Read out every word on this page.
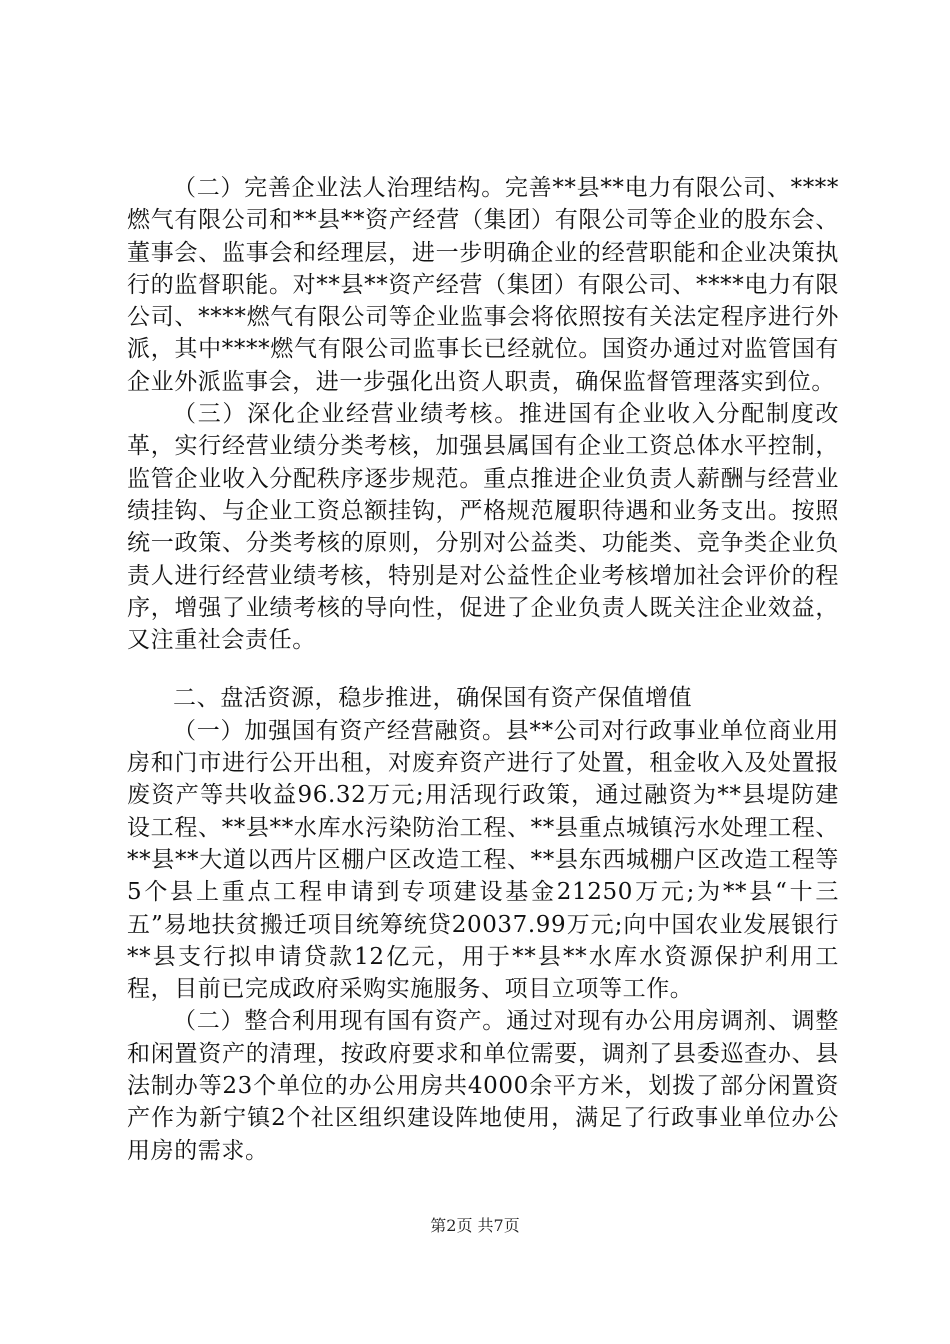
（二）完善企业法人治理结构。完善**县**电力有限公司、****燃气有限公司和**县**资产经营（集团）有限公司等企业的股东会、董事会、监事会和经理层，进一步明确企业的经营职能和企业决策执行的监督职能。对**县**资产经营（集团）有限公司、****电力有限公司、****燃气有限公司等企业监事会将依照按有关法定程序进行外派，其中****燃气有限公司监事长已经就位。国资办通过对监管国有企业外派监事会，进一步强化出资人职责，确保监督管理落实到位。

（三）深化企业经营业绩考核。推进国有企业收入分配制度改革，实行经营业绩分类考核，加强县属国有企业工资总体水平控制，监管企业收入分配秩序逐步规范。重点推进企业负责人薪酬与经营业绩挂钩、与企业工资总额挂钩，严格规范履职待遇和业务支出。按照统一政策、分类考核的原则，分别对公益类、功能类、竞争类企业负责人进行经营业绩考核，特别是对公益性企业考核增加社会评价的程序，增强了业绩考核的导向性，促进了企业负责人既关注企业效益，又注重社会责任。

二、盘活资源，稳步推进，确保国有资产保值增值

（一）加强国有资产经营融资。县**公司对行政事业单位商业用房和门市进行公开出租，对废弃资产进行了处置，租金收入及处置报废资产等共收益96.32万元;用活现行政策，通过融资为**县堤防建设工程、**县**水库水污染防治工程、**县重点城镇污水处理工程、**县**大道以西片区棚户区改造工程、**县东西城棚户区改造工程等5个县上重点工程申请到专项建设基金21250万元;为**县“十三五”易地扶贫搬迁项目统筹统贷20037.99万元;向中国农业发展银行**县支行拟申请贷款12亿元，用于**县**水库水资源保护利用工程，目前已完成政府采购实施服务、项目立项等工作。

（二）整合利用现有国有资产。通过对现有办公用房调剂、调整和闲置资产的清理，按政府要求和单位需要，调剂了县委巡查办、县法制办等23个单位的办公用房共4000余平方米，划拨了部分闲置资产作为新宁镇2个社区组织建设阵地使用，满足了行政事业单位办公用房的需求。

第2页 共7页
